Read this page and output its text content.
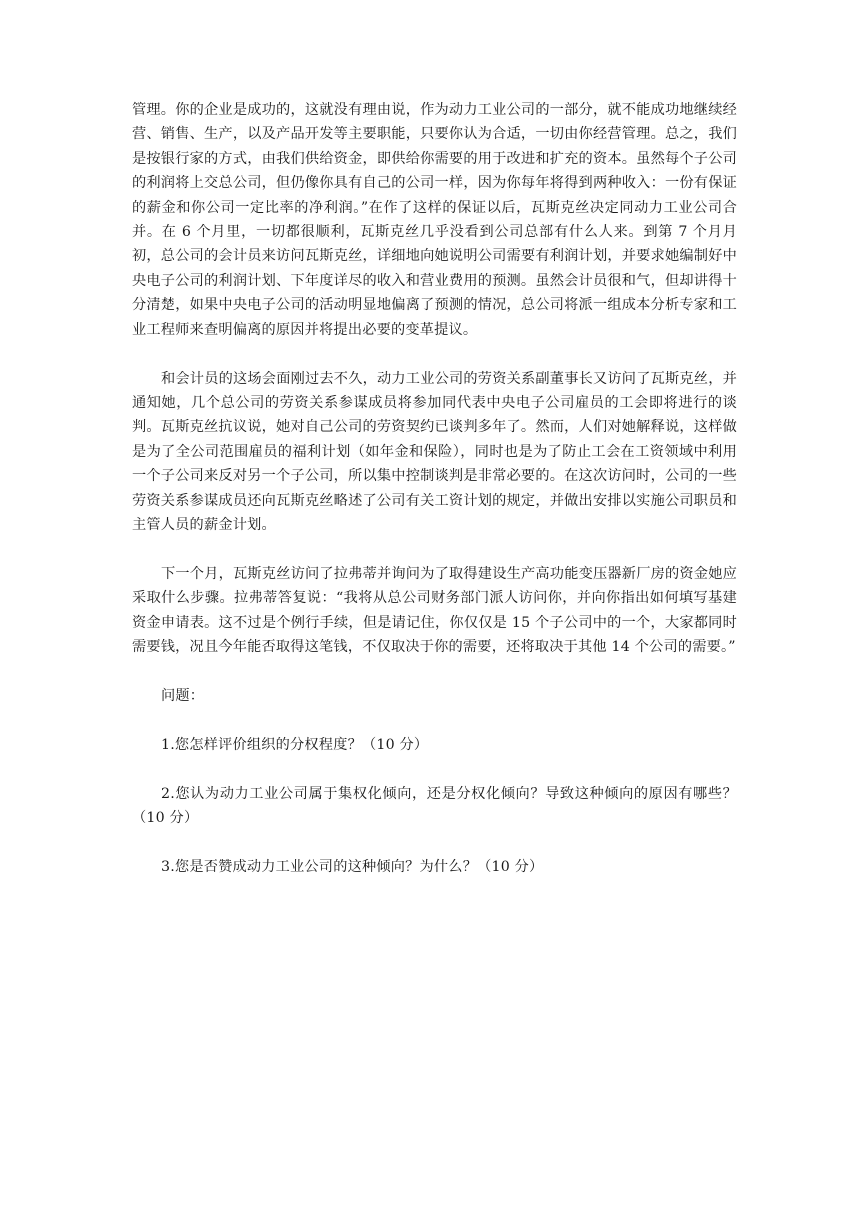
管理。你的企业是成功的，这就没有理由说，作为动力工业公司的一部分，就不能成功地继续经营、销售、生产，以及产品开发等主要职能，只要你认为合适，一切由你经营管理。总之，我们是按银行家的方式，由我们供给资金，即供给你需要的用于改进和扩充的资本。虽然每个子公司的利润将上交总公司，但仍像你具有自己的公司一样，因为你每年将得到两种收入：一份有保证的薪金和你公司一定比率的净利润。”在作了这样的保证以后，瓦斯克丝决定同动力工业公司合并。在 6 个月里，一切都很顺利，瓦斯克丝几乎没看到公司总部有什么人来。到第 7 个月月初，总公司的会计员来访问瓦斯克丝，详细地向她说明公司需要有利润计划，并要求她编制好中央电子公司的利润计划、下年度详尽的收入和营业费用的预测。虽然会计员很和气，但却讲得十分清楚，如果中央电子公司的活动明显地偏离了预测的情况，总公司将派一组成本分析专家和工业工程师来查明偏离的原因并将提出必要的变革提议。

和会计员的这场会面刚过去不久，动力工业公司的劳资关系副董事长又访问了瓦斯克丝，并通知她，几个总公司的劳资关系参谋成员将参加同代表中央电子公司雇员的工会即将进行的谈判。瓦斯克丝抗议说，她对自己公司的劳资契约已谈判多年了。然而，人们对她解释说，这样做是为了全公司范围雇员的福利计划（如年金和保险），同时也是为了防止工会在工资领域中利用一个子公司来反对另一个子公司，所以集中控制谈判是非常必要的。在这次访问时，公司的一些劳资关系参谋成员还向瓦斯克丝略述了公司有关工资计划的规定，并做出安排以实施公司职员和主管人员的薪金计划。

下一个月，瓦斯克丝访问了拉弗蒂并询问为了取得建设生产高功能变压器新厂房的资金她应采取什么步骤。拉弗蒂答复说：“我将从总公司财务部门派人访问你，并向你指出如何填写基建资金申请表。这不过是个例行手续，但是请记住，你仅仅是 15 个子公司中的一个，大家都同时需要钱，况且今年能否取得这笔钱，不仅取决于你的需要，还将取决于其他 14 个公司的需要。”

问题：

1.您怎样评价组织的分权程度？（10 分）

2.您认为动力工业公司属于集权化倾向，还是分权化倾向？导致这种倾向的原因有哪些？（10 分）

3.您是否赞成动力工业公司的这种倾向？为什么？（10 分）
